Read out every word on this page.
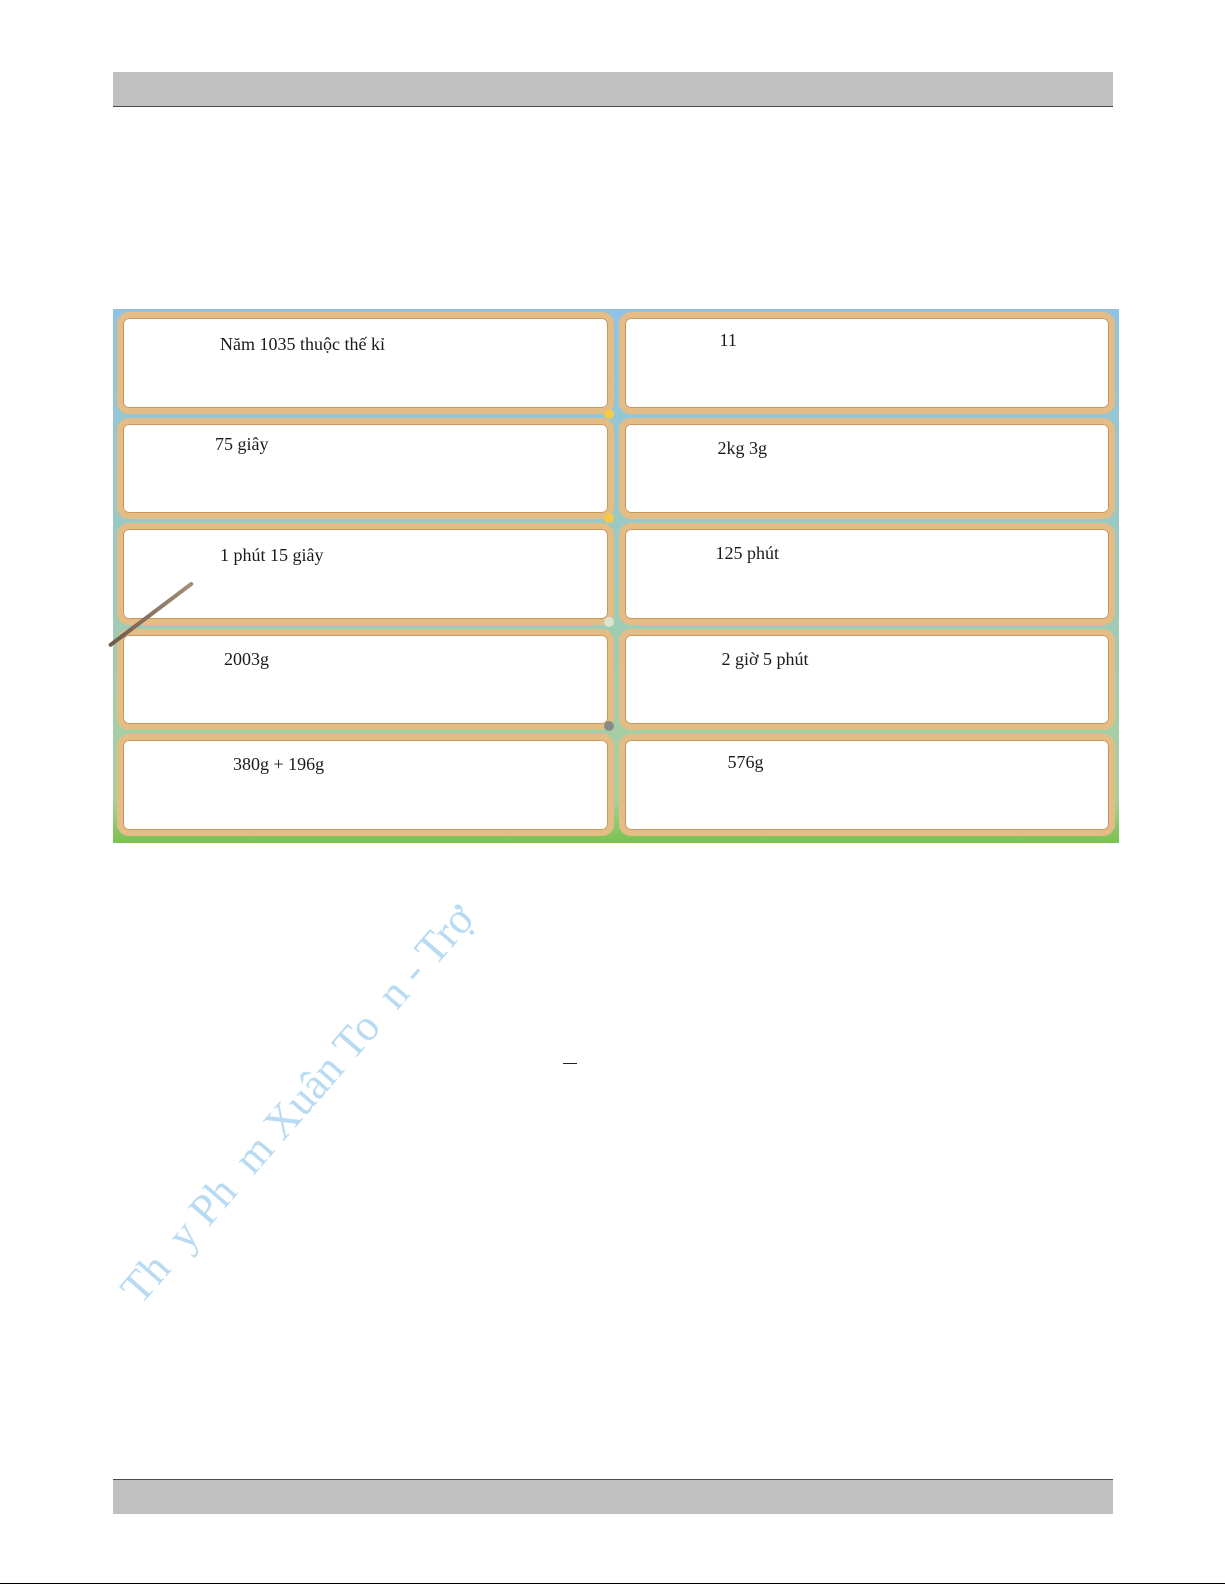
Th  y Ph  m Xuân To  n - Trợ
Năm 1035 thuộc thế kỉ	11
75 giây	2kg 3g
1 phút 15 giây	125 phút
2003g	2 giờ 5 phút
380g + 196g	576g
